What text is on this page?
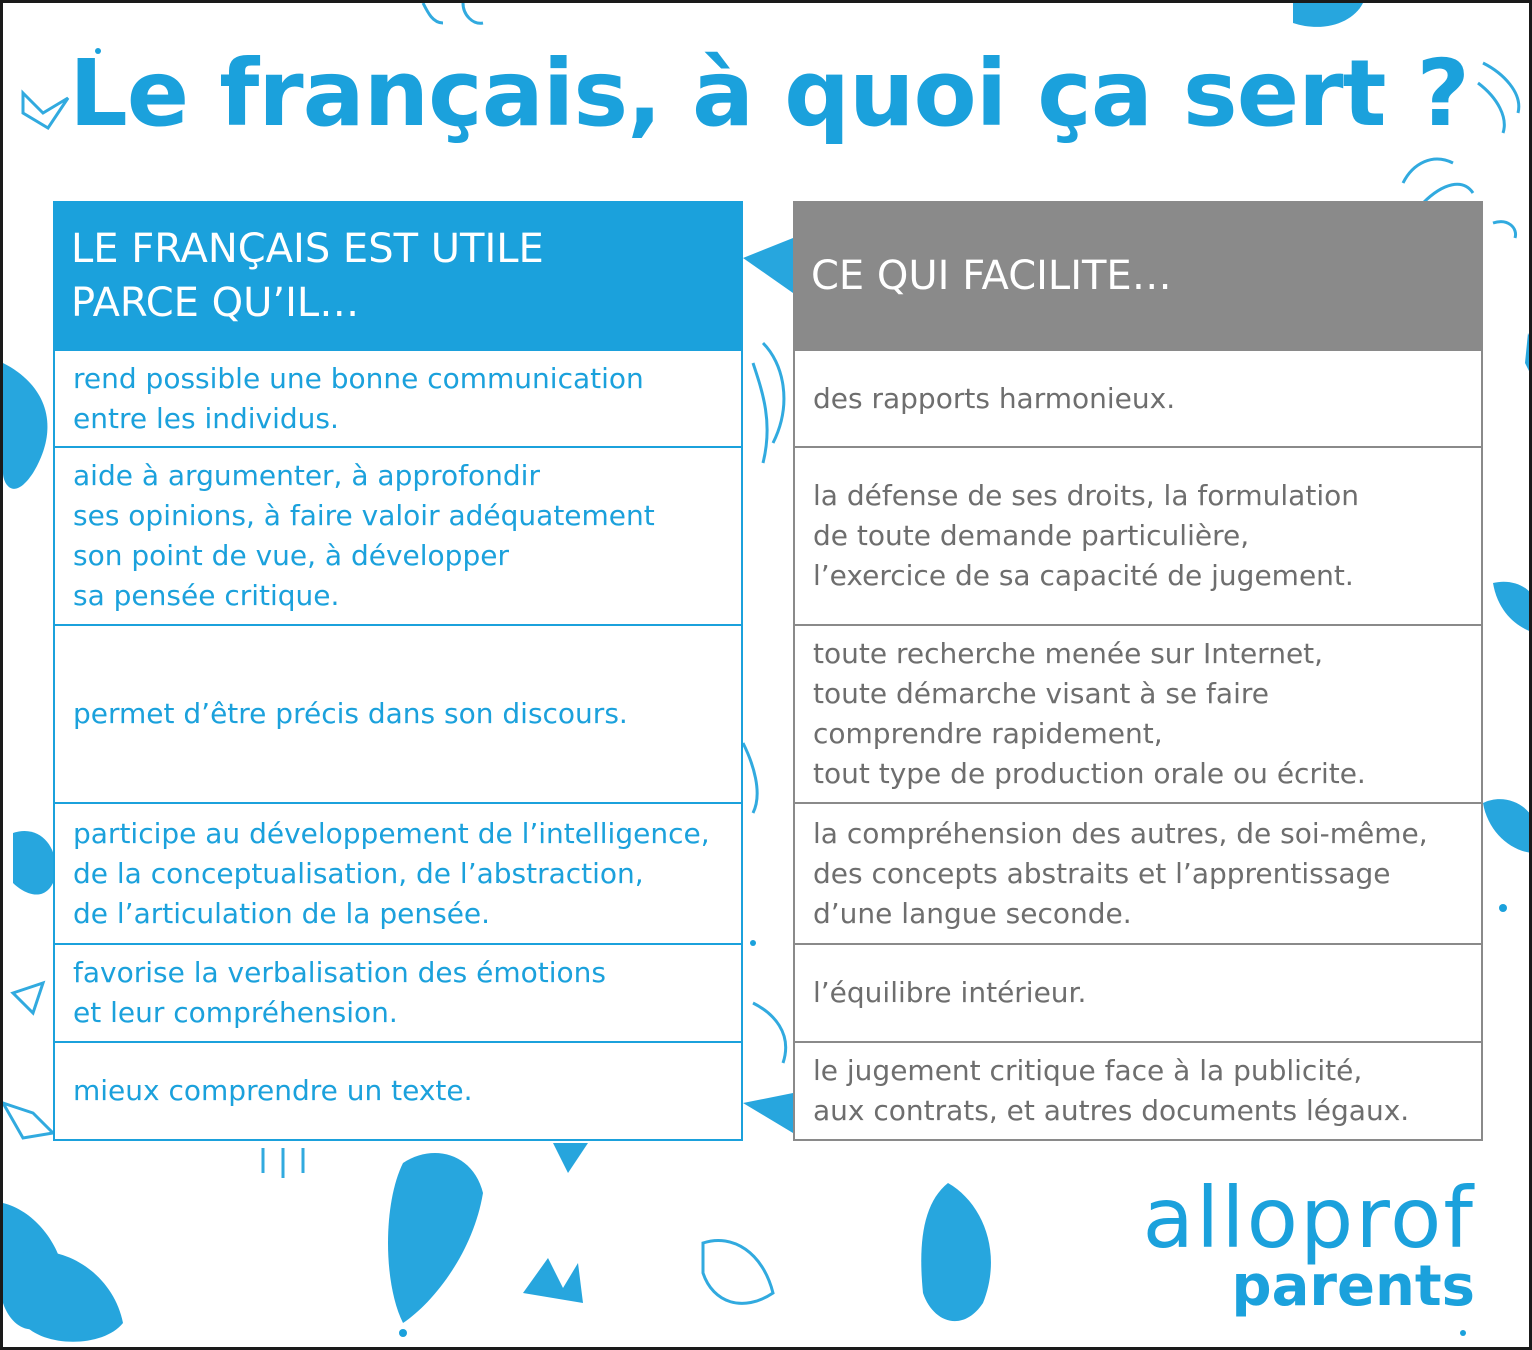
Le français, à quoi ça sert ?
LE FRANÇAIS EST UTILE
PARCE QU’IL…
rend possible une bonne communication
entre les individus.
aide à argumenter, à approfondir
ses opinions, à faire valoir adéquatement
son point de vue, à développer
sa pensée critique.
permet d’être précis dans son discours.
participe au développement de l’intelligence,
de la conceptualisation, de l’abstraction,
de l’articulation de la pensée.
favorise la verbalisation des émotions
et leur compréhension.
mieux comprendre un texte.
CE QUI FACILITE…
des rapports harmonieux.
la défense de ses droits, la formulation
de toute demande particulière,
l’exercice de sa capacité de jugement.
toute recherche menée sur Internet,
toute démarche visant à se faire
comprendre rapidement,
tout type de production orale ou écrite.
la compréhension des autres, de soi-même,
des concepts abstraits et l’apprentissage
d’une langue seconde.
l’équilibre intérieur.
le jugement critique face à la publicité,
aux contrats, et autres documents légaux.
alloprof
parents
